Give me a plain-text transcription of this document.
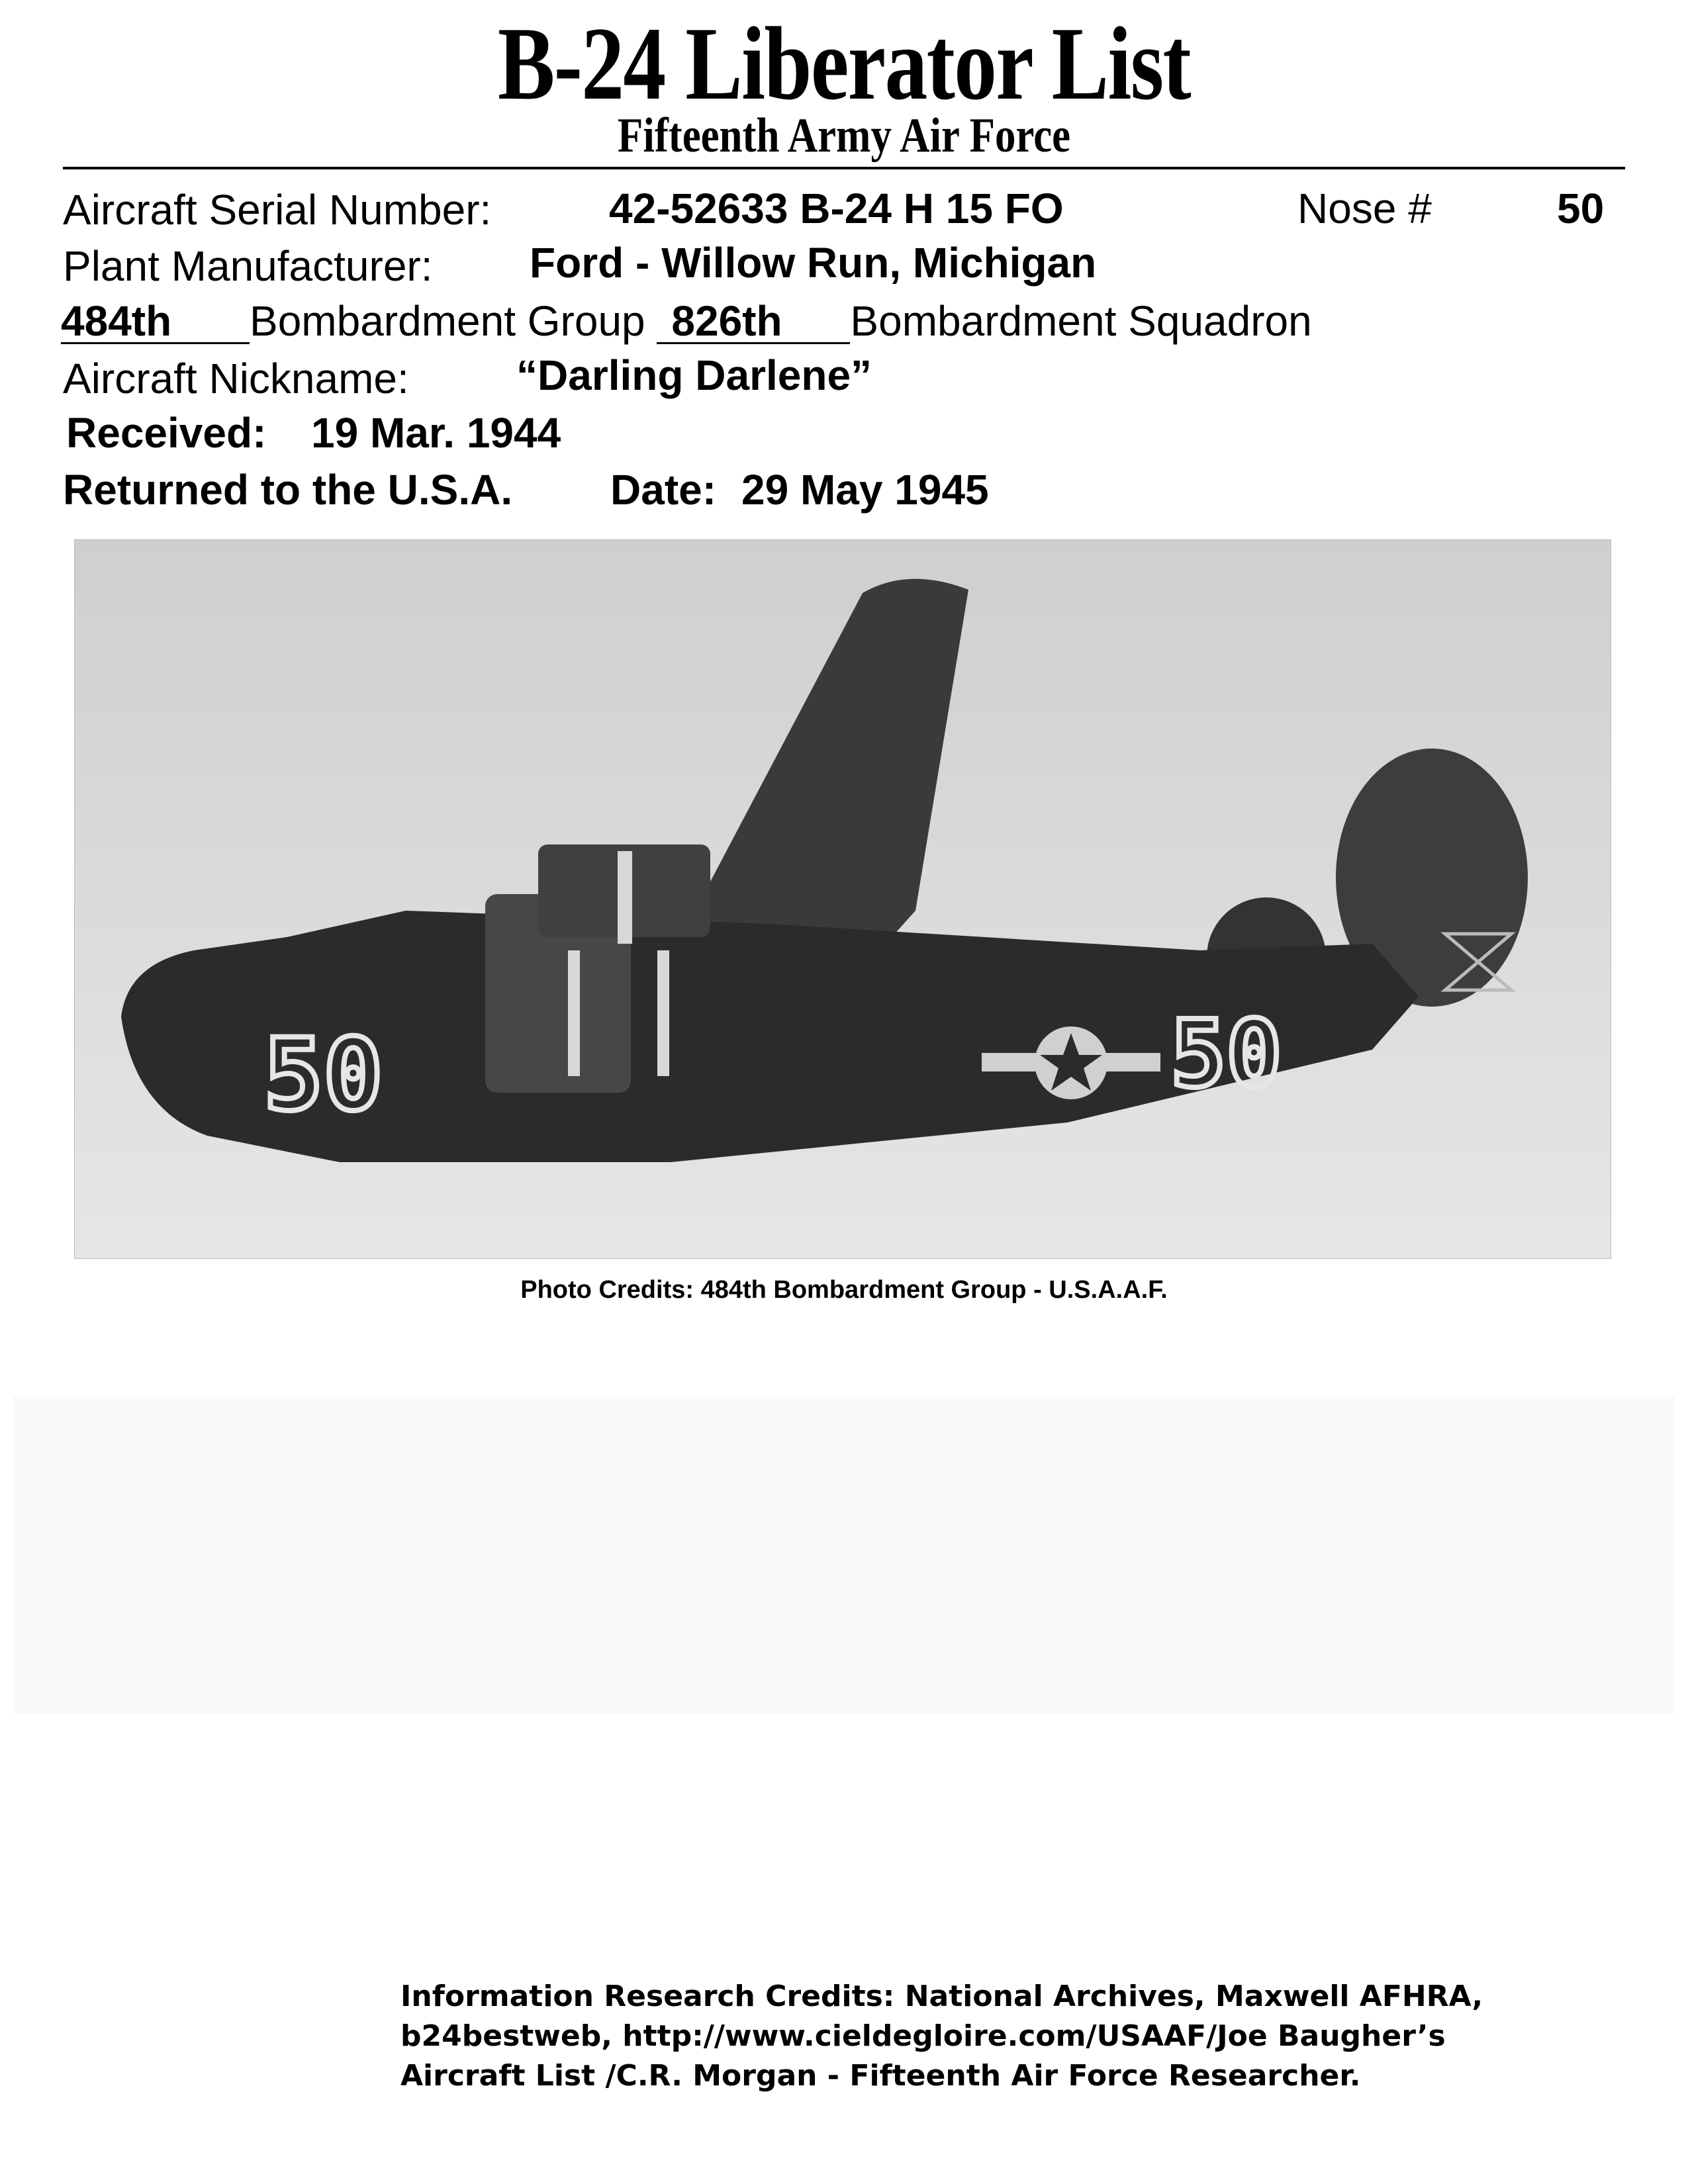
B-24 Liberator List
Fifteenth Army Air Force
Aircraft Serial Number:	42-52633 B-24 H 15 FO	Nose #	50
Plant Manufacturer: Ford - Willow Run, Michigan
484th Bombardment Group 826th Bombardment Squadron
Aircraft Nickname:	“Darling Darlene”
Received: 19 Mar. 1944
Returned to the U.S.A. Date: 29 May 1945
50	50
Photo Credits: 484th Bombardment Group - U.S.A.A.F.
Information Research Credits: National Archives, Maxwell AFHRA,
b24bestweb, http://www.cieldegloire.com/USAAF/Joe Baugher’s
Aircraft List /C.R. Morgan - Fifteenth Air Force Researcher.
